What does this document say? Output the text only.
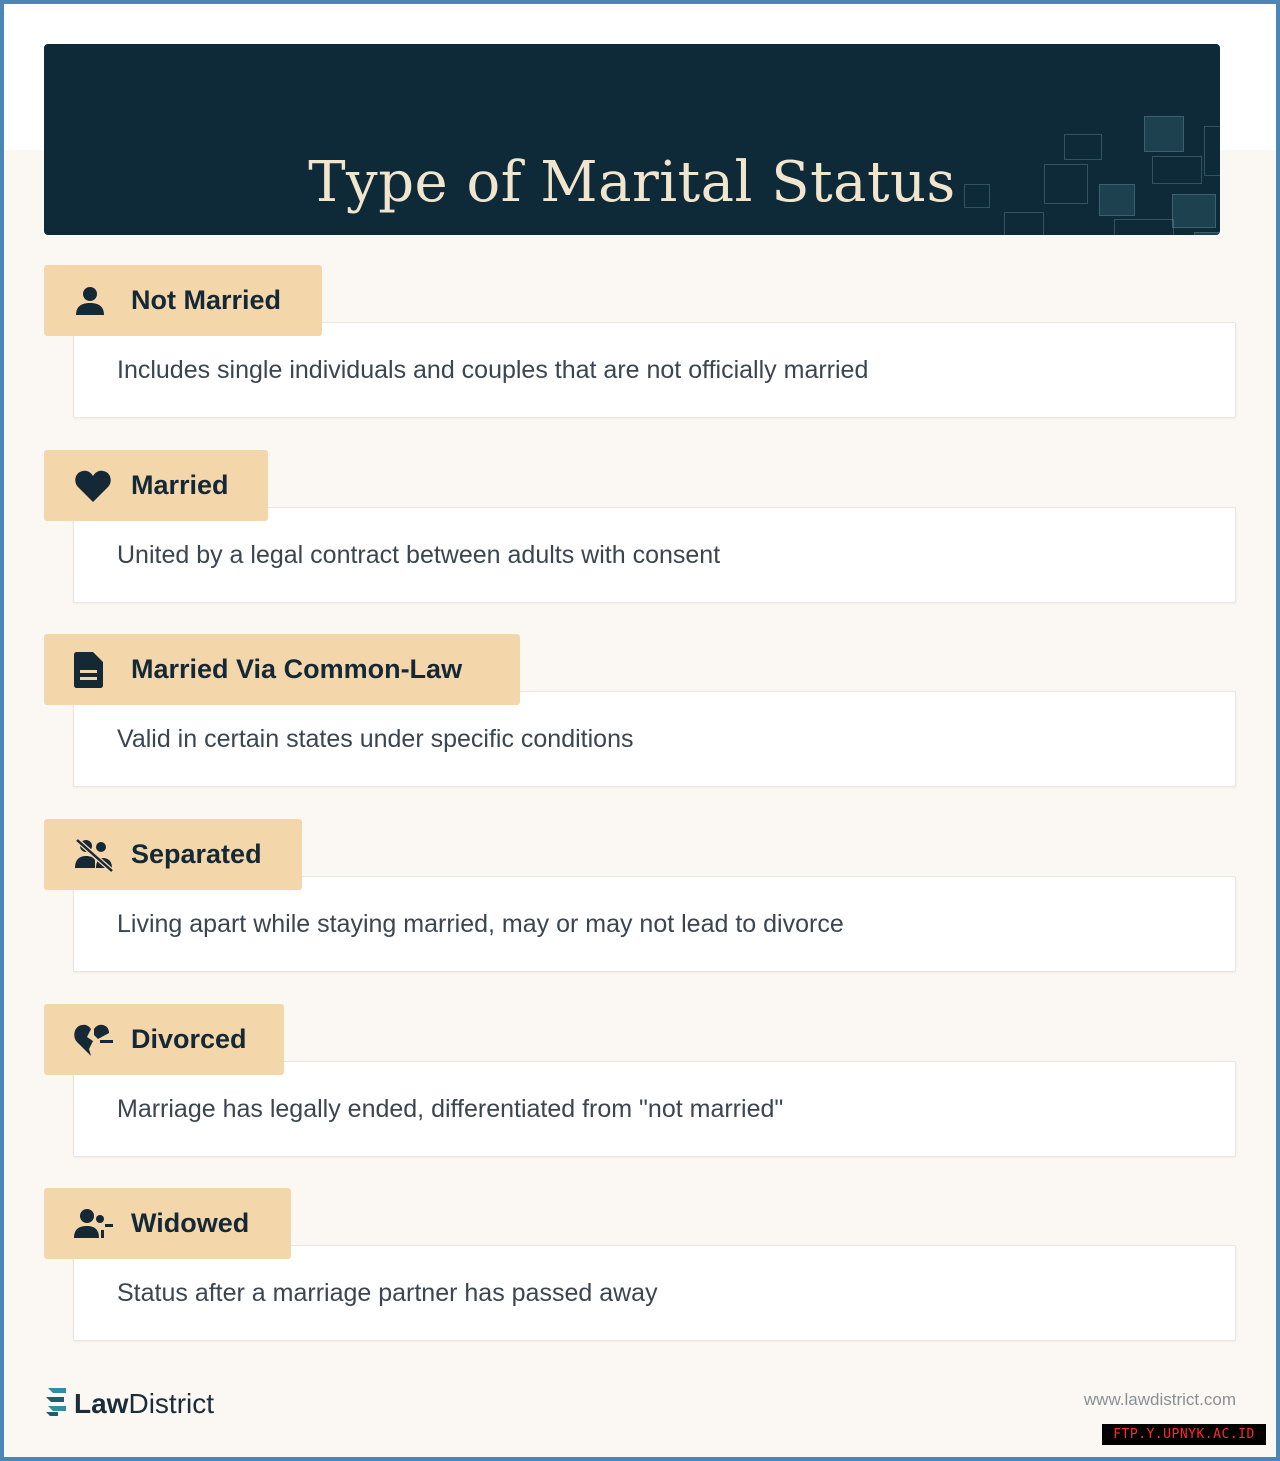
Type of Marital Status
Includes single individuals and couples that are not officially married
Not Married
United by a legal contract between adults with consent
Married
Valid in certain states under specific conditions
Married Via Common-Law
Living apart while staying married, may or may not lead to divorce
Separated
Marriage has legally ended, differentiated from "not married"
Divorced
Status after a marriage partner has passed away
Widowed
LawDistrict	www.lawdistrict.com
FTP.Y.UPNYK.AC.ID
